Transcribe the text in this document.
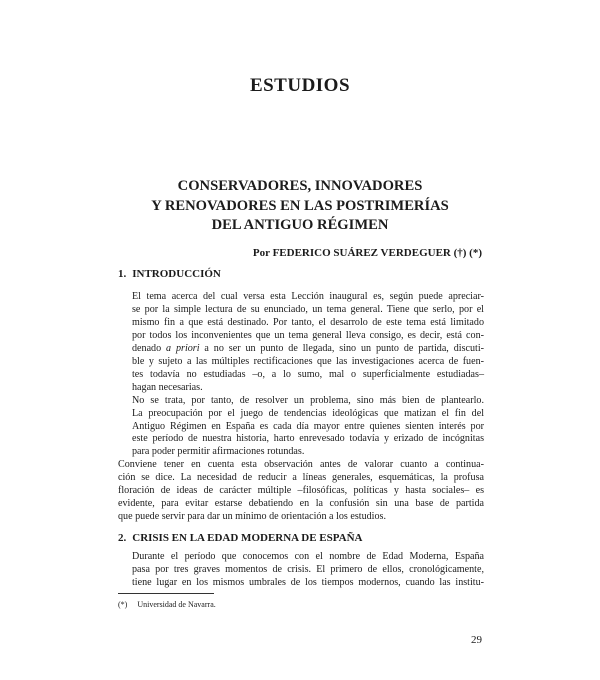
ESTUDIOS
CONSERVADORES, INNOVADORES
Y RENOVADORES EN LAS POSTRIMERÍAS
DEL ANTIGUO RÉGIMEN
Por FEDERICO SUÁREZ VERDEGUER (†) (*)
1. INTRODUCCIÓN

El tema acerca del cual versa esta Lección inaugural es, según puede apreciar-
se por la simple lectura de su enunciado, un tema general. Tiene que serlo, por el
mismo fin a que está destinado. Por tanto, el desarrolo de este tema está limitado
por todos los inconvenientes que un tema general lleva consigo, es decir, está con-
denado a priori a no ser un punto de llegada, sino un punto de partida, discuti-
ble y sujeto a las múltiples rectificaciones que las investigaciones acerca de fuen-
tes todavía no estudiadas –o, a lo sumo, mal o superficialmente estudiadas–
hagan necesarias.

No se trata, por tanto, de resolver un problema, sino más bien de plantearlo.
La preocupación por el juego de tendencias ideológicas que matizan el fin del
Antiguo Régimen en España es cada día mayor entre quienes sienten interés por
este período de nuestra historia, harto enrevesado todavía y erizado de incógnitas
para poder permitir afirmaciones rotundas.

Conviene tener en cuenta esta observación antes de valorar cuanto a continua-
ción se dice. La necesidad de reducir a líneas generales, esquemáticas, la profusa
floración de ideas de carácter múltiple –filosóficas, políticas y hasta sociales– es
evidente, para evitar estarse debatiendo en la confusión sin una base de partida
que puede servir para dar un mínimo de orientación a los estudios.

2. CRISIS EN LA EDAD MODERNA DE ESPAÑA

Durante el período que conocemos con el nombre de Edad Moderna, España
pasa por tres graves momentos de crisis. El primero de ellos, cronológicamente,
tiene lugar en los mismos umbrales de los tiempos modernos, cuando las institu-

(*) Universidad de Navarra.
29
